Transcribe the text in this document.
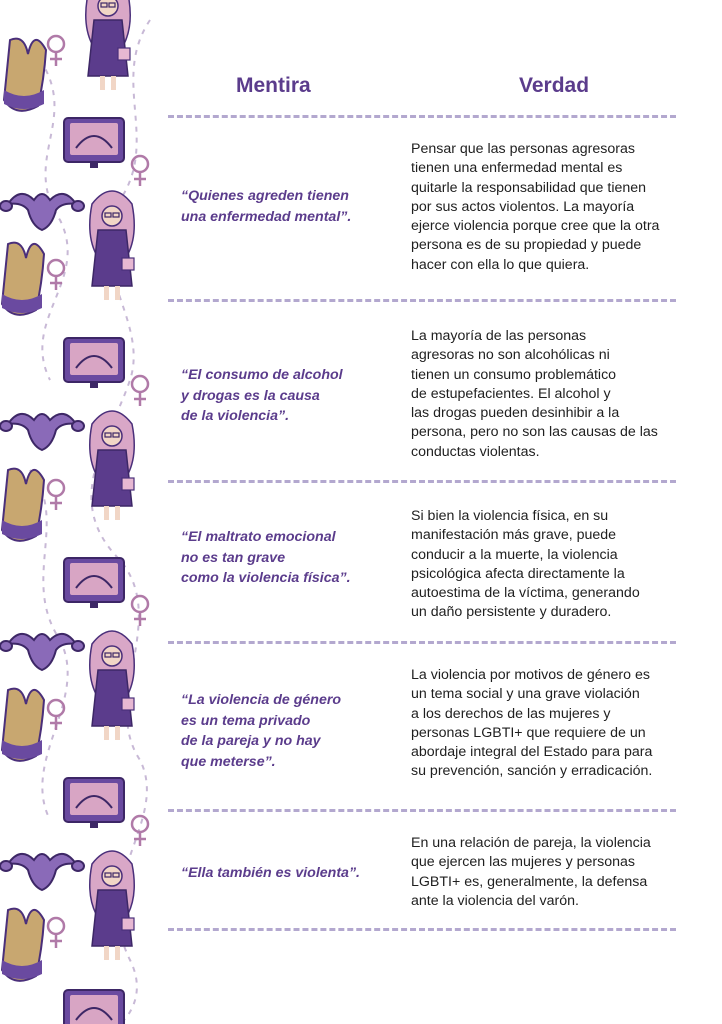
Mentira	Verdad
“Quienes agreden tienen
una enfermedad mental”.
Pensar que las personas agresoras
tienen una enfermedad mental es
quitarle la responsabilidad que tienen
por sus actos violentos. La mayoría
ejerce violencia porque cree que la otra
persona es de su propiedad y puede
hacer con ella lo que quiera.
“El consumo de alcohol
y drogas es la causa
de la violencia”.
La mayoría de las personas
agresoras no son alcohólicas ni
tienen un consumo problemático
de estupefacientes. El alcohol y
las drogas pueden desinhibir a la
persona, pero no son las causas de las
conductas violentas.
“El maltrato emocional
no es tan grave
como la violencia física”.
Si bien la violencia física, en su
manifestación más grave, puede
conducir a la muerte, la violencia
psicológica afecta directamente la
autoestima de la víctima, generando
un daño persistente y duradero.
“La violencia de género
es un tema privado
de la pareja y no hay
que meterse”.
La violencia por motivos de género es
un tema social y una grave violación
a los derechos de las mujeres y
personas LGBTI+ que requiere de un
abordaje integral del Estado para para
su prevención, sanción y erradicación.
“Ella también es violenta”.
En una relación de pareja, la violencia
que ejercen las mujeres y personas
LGBTI+ es, generalmente, la defensa
ante la violencia del varón.
